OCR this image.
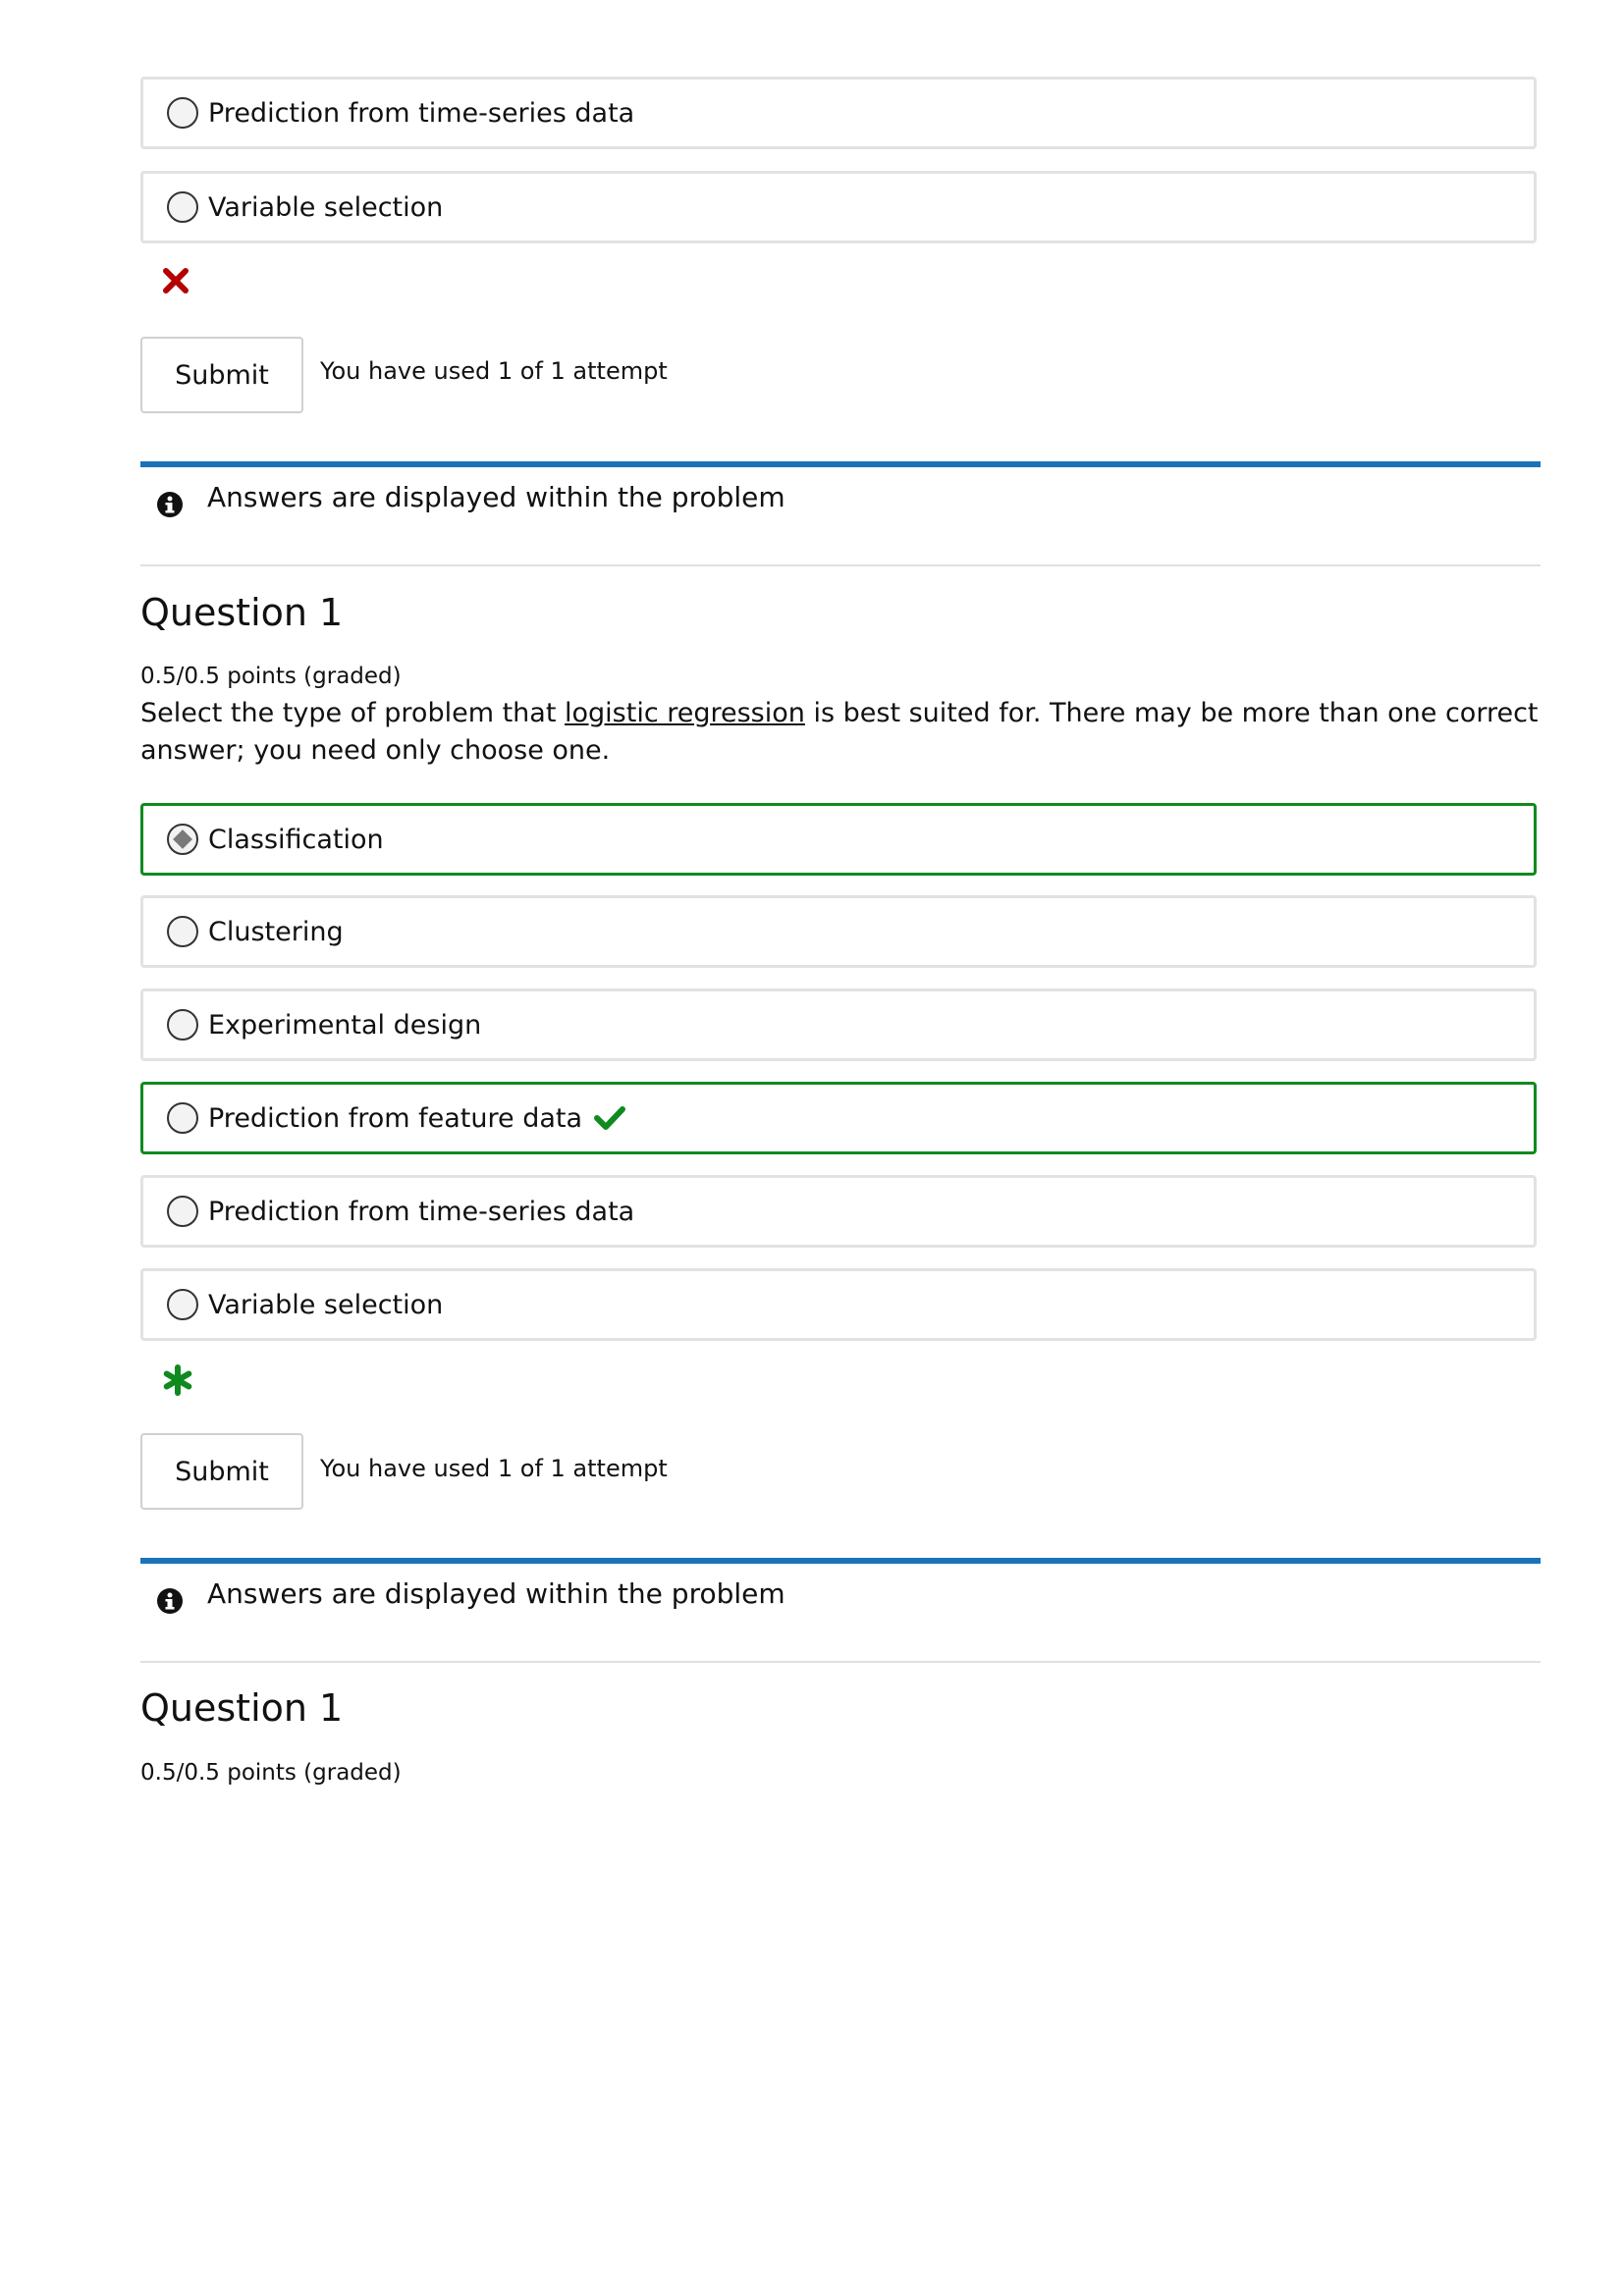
Prediction from time-series data
Variable selection
Submit	You have used 1 of 1 attempt
Answers are displayed within the problem
Question 1
0.5/0.5 points (graded)

Select the type of problem that logistic regression is best suited for. There may be more than one correct answer; you need only choose one.

Classification
Clustering
Experimental design
Prediction from feature data
Prediction from time-series data
Variable selection
Submit	You have used 1 of 1 attempt
Answers are displayed within the problem
Question 1
0.5/0.5 points (graded)
